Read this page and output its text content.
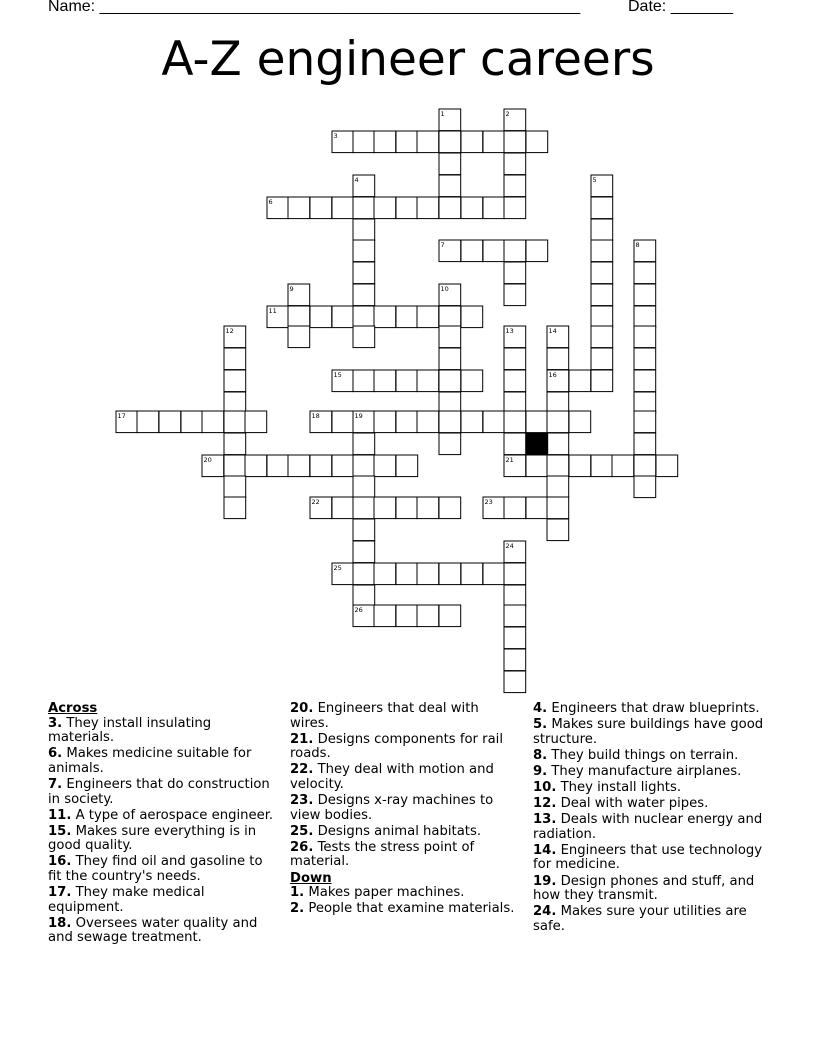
Name: ______________________________________________________	Date: _______
A-Z engineer careers
1	2
3
4	5
6
7	8
9	10
11
12	13	14
15	16
17	18	19
20	21
22	23
24
25
26
Across
3. They install insulating materials.
6. Makes medicine suitable for animals.
7. Engineers that do construction in society.
11. A type of aerospace engineer.
15. Makes sure everything is in good quality.
16. They find oil and gasoline to fit the country's needs.
17. They make medical equipment.
18. Oversees water quality and and sewage treatment.
20. Engineers that deal with wires.
21. Designs components for rail roads.
22. They deal with motion and velocity.
23. Designs x-ray machines to view bodies.
25. Designs animal habitats.
26. Tests the stress point of material.
Down
1. Makes paper machines.
2. People that examine materials.
4. Engineers that draw blueprints.
5. Makes sure buildings have good structure.
8. They build things on terrain.
9. They manufacture airplanes.
10. They install lights.
12. Deal with water pipes.
13. Deals with nuclear energy and radiation.
14. Engineers that use technology for medicine.
19. Design phones and stuff, and how they transmit.
24. Makes sure your utilities are safe.
